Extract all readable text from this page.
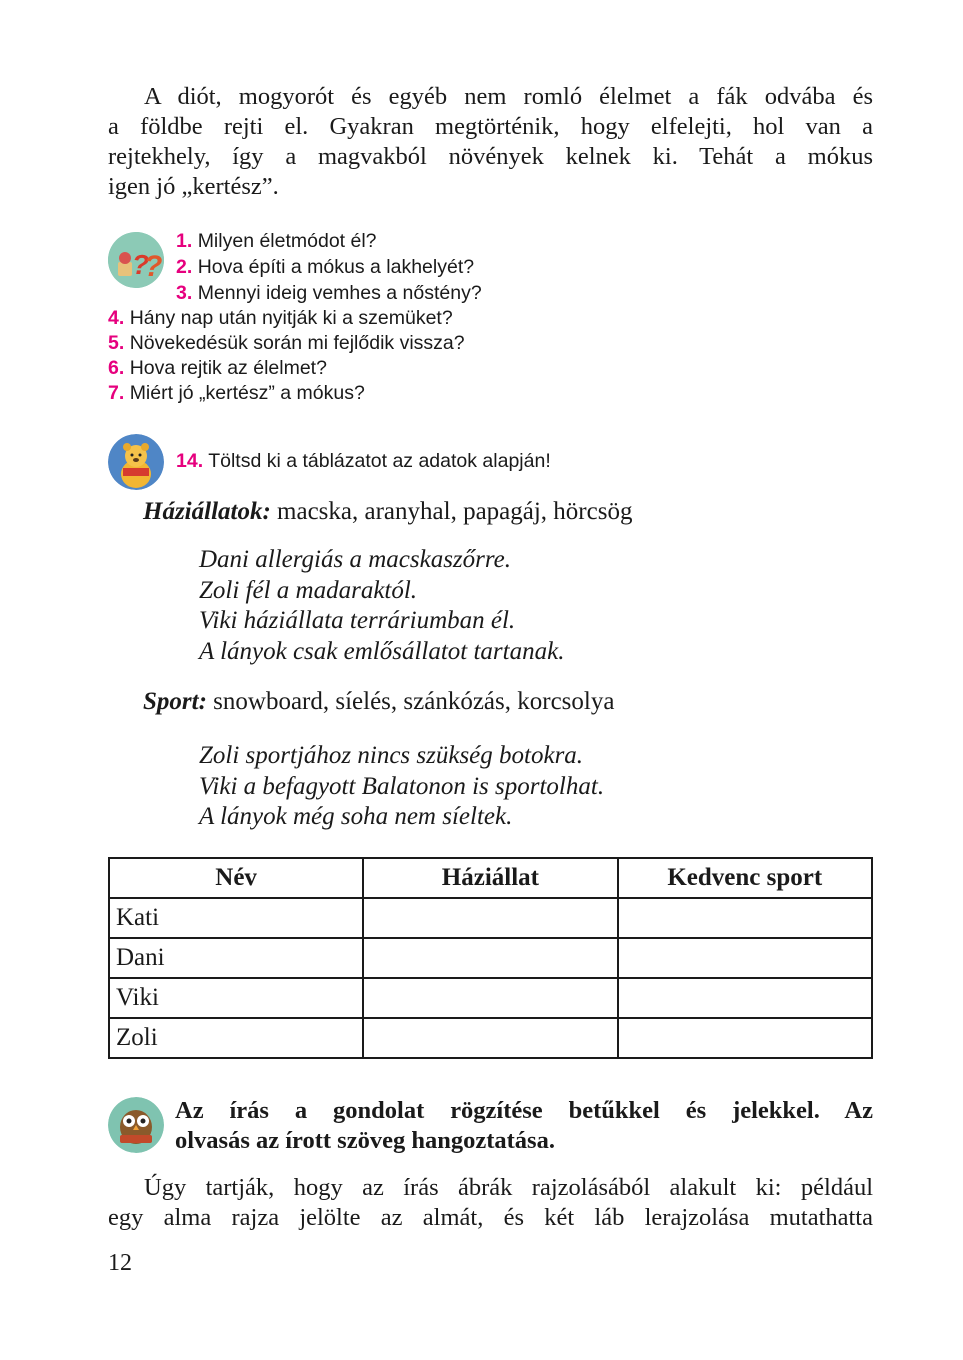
A diót, mogyorót és egyéb nem romló élelmet a fák odvába és
a földbe rejti el. Gyakran megtörténik, hogy elfelejti, hol van a
rejtekhely, így a magvakból növények kelnek ki. Tehát a mókus
igen jó „kertész”.
?
?
1. Milyen életmódot él?
2. Hova építi a mókus a lakhelyét?
3. Mennyi ideig vemhes a nőstény?
4. Hány nap után nyitják ki a szemüket?
5. Növekedésük során mi fejlődik vissza?
6. Hova rejtik az élelmet?
7. Miért jó „kertész” a mókus?
14. Töltsd ki a táblázatot az adatok alapján!
Háziállatok: macska, aranyhal, papagáj, hörcsög
Dani allergiás a macskaszőrre.
Zoli fél a madaraktól.
Viki háziállata terráriumban él.
A lányok csak emlősállatot tartanak.
Sport: snowboard, síelés, szánkózás, korcsolya
Zoli sportjához nincs szükség botokra.
Viki a befagyott Balatonon is sportolhat.
A lányok még soha nem síeltek.
Név	Háziállat	Kedvenc sport
Kati		
Dani		
Viki		
Zoli		
Az írás a gondolat rögzítése betűkkel és jelekkel. Az
olvasás az írott szöveg hangoztatása.
Úgy tartják, hogy az írás ábrák rajzolásából alakult ki: például
egy alma rajza jelölte az almát, és két láb lerajzolása mutathatta
12
